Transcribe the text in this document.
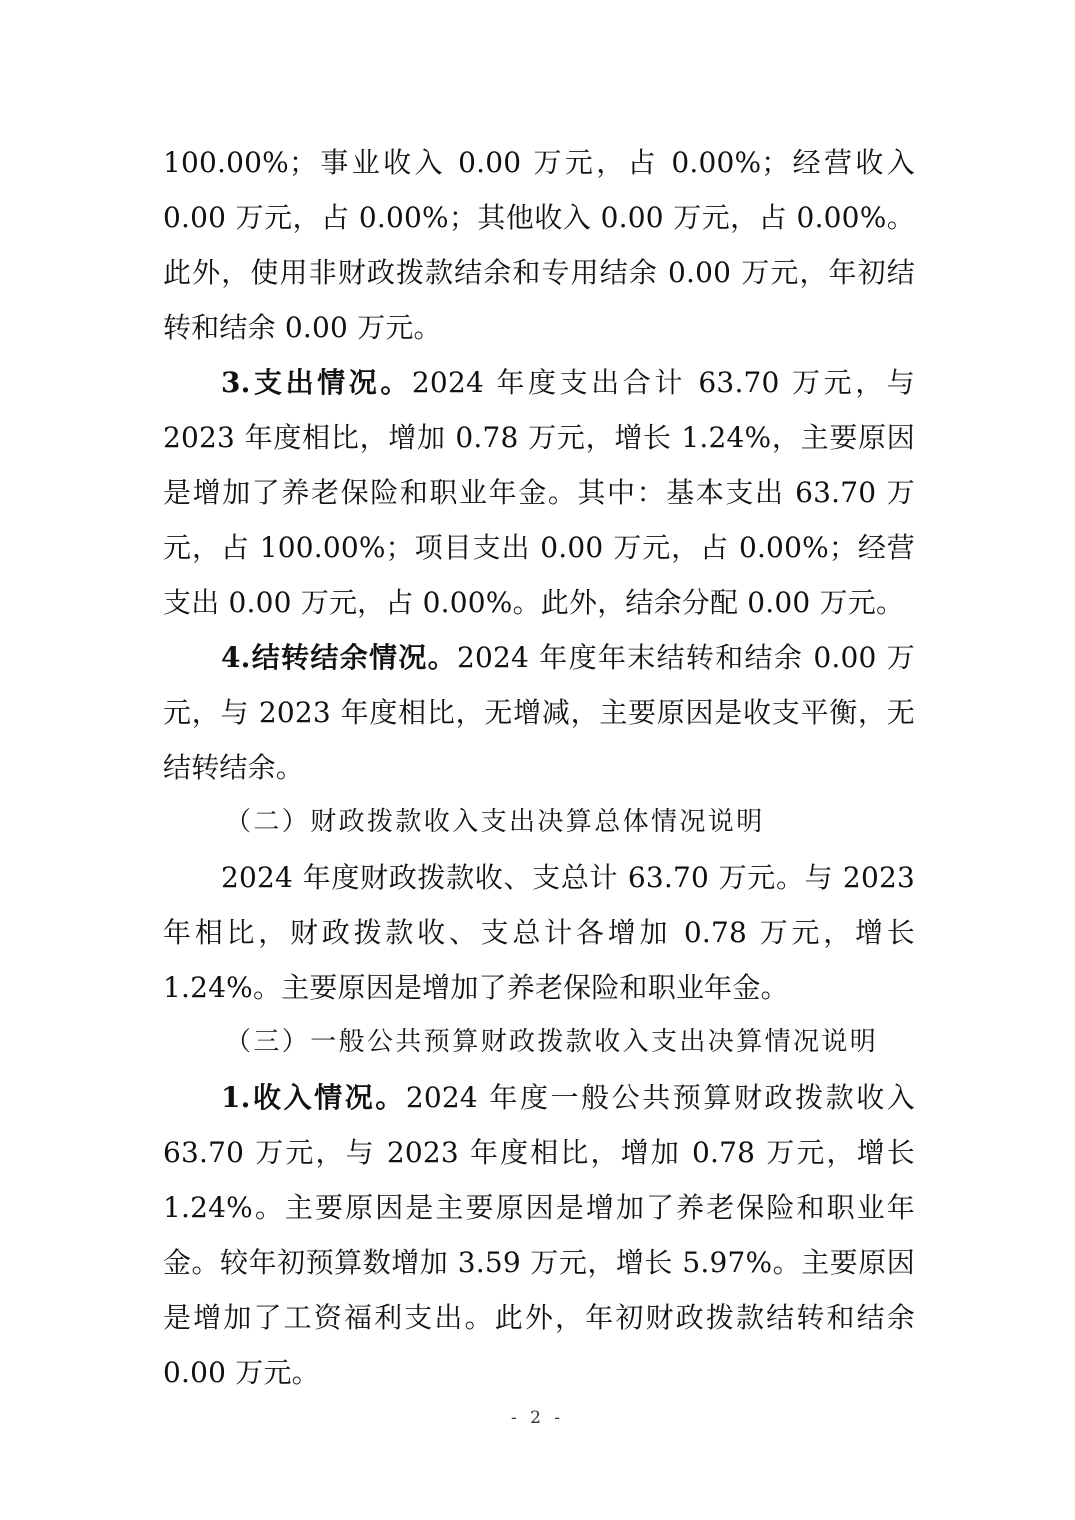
100.00%；事业收入 0.00 万元，占 0.00%；经营收入 0.00 万元，占 0.00%；其他收入 0.00 万元，占 0.00%。此外，使用非财政拨款结余和专用结余 0.00 万元，年初结转和结余 0.00 万元。

3.支出情况。2024 年度支出合计 63.70 万元，与 2023 年度相比，增加 0.78 万元，增长 1.24%，主要原因是增加了养老保险和职业年金。其中：基本支出 63.70 万元，占 100.00%；项目支出 0.00 万元，占 0.00%；经营支出 0.00 万元，占 0.00%。此外，结余分配 0.00 万元。

4.结转结余情况。2024 年度年末结转和结余 0.00 万元，与 2023 年度相比，无增减，主要原因是收支平衡，无结转结余。

（二）财政拨款收入支出决算总体情况说明

2024 年度财政拨款收、支总计 63.70 万元。与 2023 年相比，财政拨款收、支总计各增加 0.78 万元，增长 1.24%。主要原因是增加了养老保险和职业年金。

（三）一般公共预算财政拨款收入支出决算情况说明

1.收入情况。2024 年度一般公共预算财政拨款收入 63.70 万元，与 2023 年度相比，增加 0.78 万元，增长 1.24%。主要原因是主要原因是增加了养老保险和职业年金。较年初预算数增加 3.59 万元，增长 5.97%。主要原因是增加了工资福利支出。此外，年初财政拨款结转和结余 0.00 万元。

- 2 -
